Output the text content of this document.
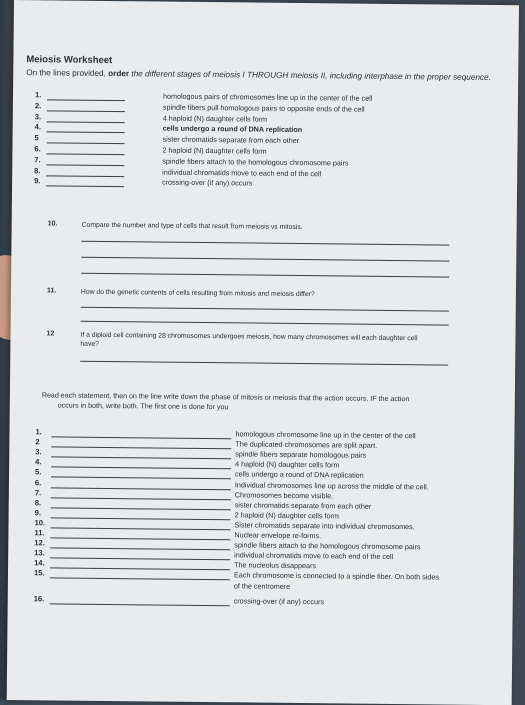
Meiosis Worksheet
On the lines provided, order the different stages of meiosis I THROUGH meiosis II, including interphase in the proper sequence.
1.	homologous pairs of chromosomes line up in the center of the cell
2.	spindle fibers pull homologous pairs to opposite ends of the cell
3.	4 haploid (N) daughter cells form
4.	cells undergo a round of DNA replication
5	sister chromatids separate from each other
6.	2 haploid (N) daughter cells form
7.	spindle fibers attach to the homologous chromosome pairs
8.	individual chromatids move to each end of the cell
9.	crossing-over (if any) occurs
10.	Compare the number and type of cells that result from meiosis vs mitosis.
11.	How do the genetic contents of cells resulting from mitosis and meiosis differ?
12	If a diploid cell containing 28 chromosomes undergoes meiosis, how many chromosomes will each daughter cell
have?
Read each statement, then on the line write down the phase of mitosis or meiosis that the action occurs. IF the action
occurs in both, write both. The first one is done for you
1.	homologous chromosome line up in the center of the cell
2	The duplicated chromosomes are split apart.
3.	spindle fibers separate homologous pairs
4.	4 haploid (N) daughter cells form
5.	cells undergo a round of DNA replication
6.	Individual chromosomes line up across the middle of the cell.
7.	Chromosomes become visible.
8.	sister chromatids separate from each other
9.	2 haploid (N) daughter cells form
10.	Sister chromatids separate into individual chromosomes.
11.	Nuclear envelope re-forms.
12.	spindle fibers attach to the homologous chromosome pairs
13.	individual chromatids move to each end of the cell
14.	The nucleolus disappears
15.	Each chromosome is connected to a spindle fiber. On both sides
of the centromere
16.	crossing-over (if any) occurs
